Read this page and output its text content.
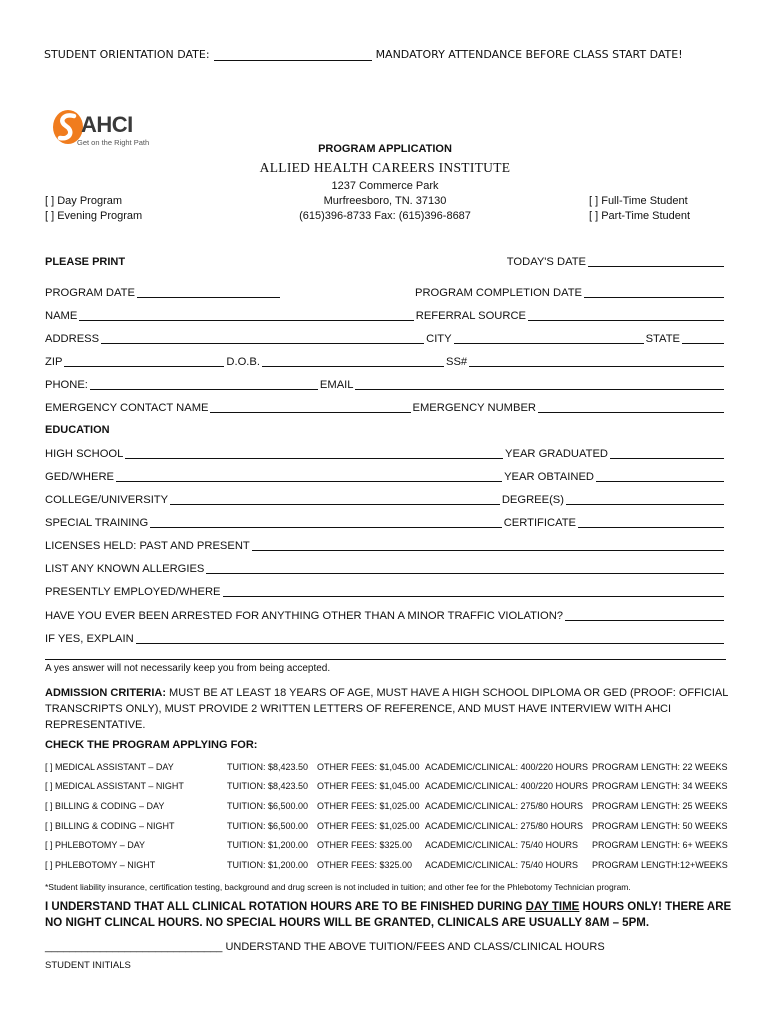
STUDENT ORIENTATION DATE:	MANDATORY ATTENDANCE BEFORE CLASS START DATE!
AHCI
Get on the Right Path
PROGRAM APPLICATION
ALLIED HEALTH CAREERS INSTITUTE
1237 Commerce Park
Murfreesboro, TN. 37130
(615)396-8733 Fax: (615)396-8687
[ ] Day Program
[ ] Evening Program
[ ] Full-Time Student
[ ] Part-Time Student
PLEASE PRINT	TODAY'S DATE
PROGRAM DATE	PROGRAM COMPLETION DATE
NAME	REFERRAL SOURCE
ADDRESS	CITY	STATE
ZIP	D.O.B.	SS#
PHONE:	EMAIL
EMERGENCY CONTACT NAME	EMERGENCY NUMBER
EDUCATION
HIGH SCHOOL	YEAR GRADUATED
GED/WHERE	YEAR OBTAINED
COLLEGE/UNIVERSITY	DEGREE(S)
SPECIAL TRAINING	CERTIFICATE
LICENSES HELD: PAST AND PRESENT
LIST ANY KNOWN ALLERGIES
PRESENTLY EMPLOYED/WHERE
HAVE YOU EVER BEEN ARRESTED FOR ANYTHING OTHER THAN A MINOR TRAFFIC VIOLATION?
IF YES, EXPLAIN
A yes answer will not necessarily keep you from being accepted.
ADMISSION CRITERIA: MUST BE AT LEAST 18 YEARS OF AGE, MUST HAVE A HIGH SCHOOL DIPLOMA OR GED (PROOF: OFFICIAL TRANSCRIPTS ONLY), MUST PROVIDE 2 WRITTEN LETTERS OF REFERENCE, AND MUST HAVE INTERVIEW WITH AHCI REPRESENTATIVE.
CHECK THE PROGRAM APPLYING FOR:
[ ] MEDICAL ASSISTANT – DAY	TUITION: $8,423.50 OTHER FEES: $1,045.00 ACADEMIC/CLINICAL: 400/220 HOURS PROGRAM LENGTH: 22 WEEKS
[ ] MEDICAL ASSISTANT – NIGHT	TUITION: $8,423.50 OTHER FEES: $1,045.00 ACADEMIC/CLINICAL: 400/220 HOURS PROGRAM LENGTH: 34 WEEKS
[ ] BILLING & CODING – DAY	TUITION: $6,500.00 OTHER FEES: $1,025.00 ACADEMIC/CLINICAL: 275/80 HOURS PROGRAM LENGTH: 25 WEEKS
[ ] BILLING & CODING – NIGHT	TUITION: $6,500.00 OTHER FEES: $1,025.00 ACADEMIC/CLINICAL: 275/80 HOURS PROGRAM LENGTH: 50 WEEKS
[ ] PHLEBOTOMY – DAY	TUITION: $1,200.00 OTHER FEES: $325.00 ACADEMIC/CLINICAL: 75/40 HOURS PROGRAM LENGTH: 6+ WEEKS
[ ] PHLEBOTOMY – NIGHT	TUITION: $1,200.00 OTHER FEES: $325.00 ACADEMIC/CLINICAL: 75/40 HOURS PROGRAM LENGTH:12+WEEKS
*Student liability insurance, certification testing, background and drug screen is not included in tuition; and other fee for the Phlebotomy Technician program.
I UNDERSTAND THAT ALL CLINICAL ROTATION HOURS ARE TO BE FINISHED DURING DAY TIME HOURS ONLY! THERE ARE NO NIGHT CLINCAL HOURS. NO SPECIAL HOURS WILL BE GRANTED, CLINICALS ARE USUALLY 8AM – 5PM.
_____________________________ UNDERSTAND THE ABOVE TUITION/FEES AND CLASS/CLINICAL HOURS
STUDENT INITIALS
